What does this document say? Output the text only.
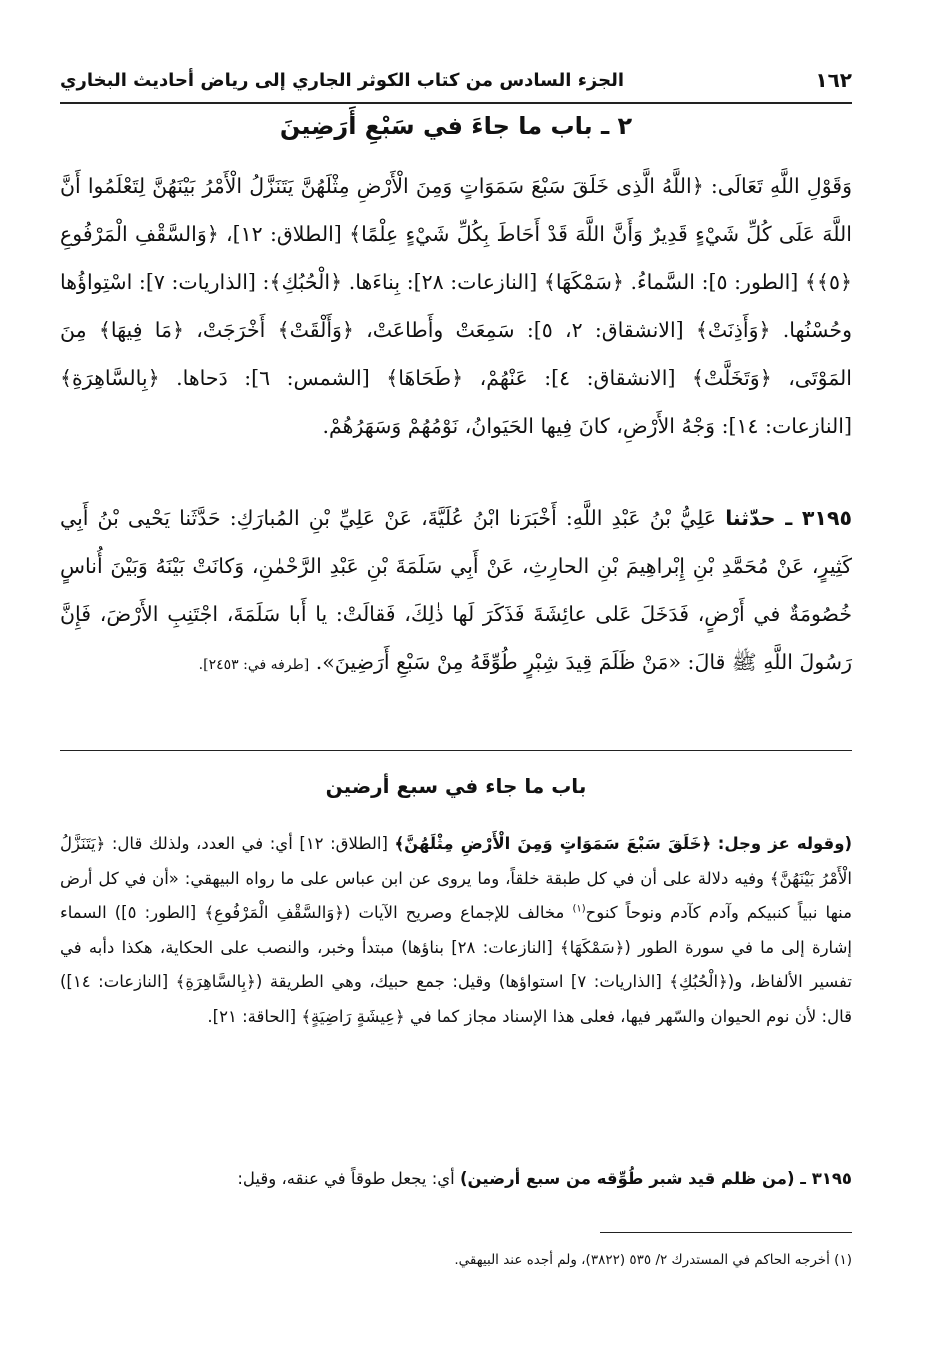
١٦٢
الجزء السادس من كتاب الكوثر الجاري إلى رياض أحاديث البخاري
٢ ـ باب ما جاءَ في سَبْعِ أَرَضِينَ
وَقَوْلِ اللَّهِ تَعَالَى: ﴿اللَّهُ الَّذِى خَلَقَ سَبْعَ سَمَوَاتٍ وَمِنَ الْأَرْضِ مِثْلَهُنَّ يَتَنَزَّلُ الْأَمْرُ بَيْنَهُنَّ لِتَعْلَمُوا أَنَّ اللَّهَ عَلَى كُلِّ شَيْءٍ قَدِيرٌ وَأَنَّ اللَّهَ قَدْ أَحَاطَ بِكُلِّ شَيْءٍ عِلْمًا﴾ [الطلاق: ١٢]، ﴿وَالسَّقْفِ الْمَرْفُوعِ ﴿٥﴾﴾ [الطور: ٥]: السَّماءُ. ﴿سَمْكَهَا﴾ [النازعات: ٢٨]: بِناءَها. ﴿الْحُبُكِ﴾: [الذاريات: ٧]: اسْتِواؤُها وحُسْنُها. ﴿وَأَذِنَتْ﴾ [الانشقاق: ٢، ٥]: سَمِعَتْ وأَطاعَتْ، ﴿وَأَلْقَتْ﴾ أَخْرَجَتْ، ﴿مَا فِيهَا﴾ مِنَ المَوْتَى، ﴿وَتَخَلَّتْ﴾ [الانشقاق: ٤]: عَنْهُمْ، ﴿طَحَاهَا﴾ [الشمس: ٦]: دَحاها. ﴿بِالسَّاهِرَةِ﴾ [النازعات: ١٤]: وَجْهُ الأَرْضِ، كانَ فِيها الحَيَوانُ، نَوْمُهُمْ وَسَهَرُهُمْ.
٣١٩٥ ـ حدّثنا عَلِيُّ بْنُ عَبْدِ اللَّهِ: أَخْبَرَنا ابْنُ عُلَيَّةَ، عَنْ عَلِيِّ بْنِ المُبارَكِ: حَدَّثَنا يَحْيى بْنُ أَبِي كَثِيرٍ، عَنْ مُحَمَّدِ بْنِ إِبْراهِيمَ بْنِ الحارِثِ، عَنْ أَبِي سَلَمَةَ بْنِ عَبْدِ الرَّحْمٰنِ، وَكانَتْ بَيْنَهُ وَبَيْنَ أُناسٍ خُصُومَةٌ في أَرْضٍ، فَدَخَلَ عَلى عائِشَةَ فَذَكَرَ لَها ذٰلِكَ، فَقالَتْ: يا أَبا سَلَمَةَ، اجْتَنِبِ الأَرْضَ، فَإِنَّ رَسُولَ اللَّهِ ﷺ قالَ: «مَنْ ظَلَمَ قِيدَ شِبْرٍ طُوِّقَهُ مِنْ سَبْعِ أَرَضِينَ». [طرفه في: ٢٤٥٣].
باب ما جاء في سبع أرضين
(وقوله عز وجل: ﴿خَلَقَ سَبْعَ سَمَوَاتٍ وَمِنَ الْأَرْضِ مِثْلَهُنَّ﴾ [الطلاق: ١٢] أي: في العدد، ولذلك قال: ﴿يَتَنَزَّلُ الْأَمْرُ بَيْنَهُنَّ﴾ وفيه دلالة على أن في كل طبقة خلقاً، وما يروى عن ابن عباس على ما رواه البيهقي: «أن في كل أرض منها نبياً كنبيكم وآدم كآدم ونوحاً كنوح$^{(١)}$ مخالف للإجماع وصريح الآيات (﴿وَالسَّقْفِ الْمَرْفُوعِ﴾ [الطور: ٥]) السماء إشارة إلى ما في سورة الطور (﴿سَمْكَهَا﴾ [النازعات: ٢٨] بناؤها) مبتدأ وخبر، والنصب على الحكاية، هكذا دأبه في تفسير الألفاظ، و(﴿الْحُبُكِ﴾ [الذاريات: ٧] استواؤها) وقيل: جمع حبيك، وهي الطريقة (﴿بِالسَّاهِرَةِ﴾ [النازعات: ١٤]) قال: لأن نوم الحيوان والسّهر فيها، فعلى هذا الإسناد مجاز كما في ﴿عِيشَةٍ رَاضِيَةٍ﴾ [الحاقة: ٢١].
٣١٩٥ ـ (من ظلم قيد شبر طُوِّقه من سبع أرضين) أي: يجعل طوقاً في عنقه، وقيل:
(١) أخرجه الحاكم في المستدرك ٢/ ٥٣٥ (٣٨٢٢)، ولم أجده عند البيهقي.
